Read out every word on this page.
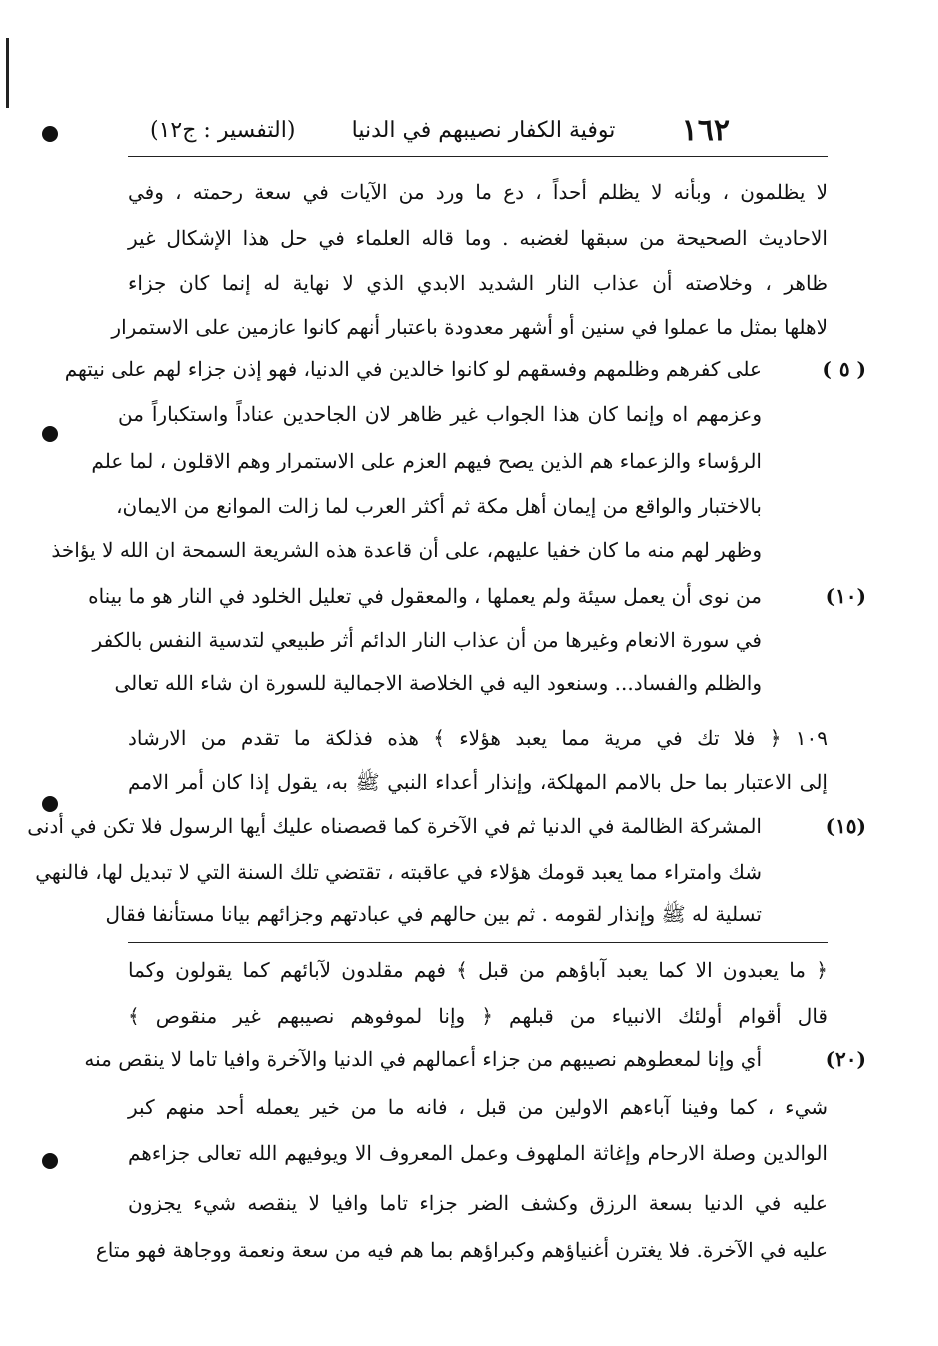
١٦٢
توفية الكفار نصيبهم في الدنيا
(التفسير : ج١٢)
( ٥ )
(١٠)
(١٥)
(٢٠)
لا يظلمون ، وبأنه لا يظلم أحداً ، دع ما ورد من الآيات في سعة رحمته ، وفي
الاحاديث الصحيحة من سبقها لغضبه . وما قاله العلماء في حل هذا الإشكال غير
ظاهر ، وخلاصته أن عذاب النار الشديد الابدي الذي لا نهاية له إنما كان جزاء
لاهلها بمثل ما عملوا في سنين أو أشهر معدودة باعتبار أنهم كانوا عازمين على الاستمرار
على كفرهم وظلمهم وفسقهم لو كانوا خالدين في الدنيا، فهو إذن جزاء لهم على نيتهم
وعزمهم اه وإنما كان هذا الجواب غير ظاهر لان الجاحدين عناداً واستكباراً من
الرؤساء والزعماء هم الذين يصح فيهم العزم على الاستمرار وهم الاقلون ، لما علم
بالاختبار والواقع من إيمان أهل مكة ثم أكثر العرب لما زالت الموانع من الايمان،
وظهر لهم منه ما كان خفيا عليهم، على أن قاعدة هذه الشريعة السمحة ان الله لا يؤاخذ
من نوى أن يعمل سيئة ولم يعملها ، والمعقول في تعليل الخلود في النار هو ما بيناه
في سورة الانعام وغيرها من أن عذاب النار الدائم أثر طبيعي لتدسية النفس بالكفر
والظلم والفساد... وسنعود اليه في الخلاصة الاجمالية للسورة ان شاء الله تعالى
١٠٩ ﴿ فلا تك في مرية مما يعبد هؤلاء ﴾ هذه فذلكة ما تقدم من الارشاد
إلى الاعتبار بما حل بالامم المهلكة، وإنذار أعداء النبي ﷺ به، يقول إذا كان أمر الامم
المشركة الظالمة في الدنيا ثم في الآخرة كما قصصناه عليك أيها الرسول فلا تكن في أدنى
شك وامتراء مما يعبد قومك هؤلاء في عاقبته ، تقتضي تلك السنة التي لا تبديل لها، فالنهي
تسلية له ﷺ وإنذار لقومه . ثم بين حالهم في عبادتهم وجزائهم بيانا مستأنفا فقال
﴿ ما يعبدون الا كما يعبد آباؤهم من قبل ﴾ فهم مقلدون لآبائهم كما يقولون وكما
قال أقوام أولئك الانبياء من قبلهم ﴿ وإنا لموفوهم نصيبهم غير منقوص ﴾
أي وإنا لمعطوهم نصيبهم من جزاء أعمالهم في الدنيا والآخرة وافيا تاما لا ينقص منه
شيء ، كما وفينا آباءهم الاولين من قبل ، فانه ما من خير يعمله أحد منهم كبر
الوالدين وصلة الارحام وإغاثة الملهوف وعمل المعروف الا ويوفيهم الله تعالى جزاءهم
عليه في الدنيا بسعة الرزق وكشف الضر جزاء تاما وافيا لا ينقصه شيء يجزون
عليه في الآخرة. فلا يغترن أغنياؤهم وكبراؤهم بما هم فيه من سعة ونعمة ووجاهة فهو متاع
